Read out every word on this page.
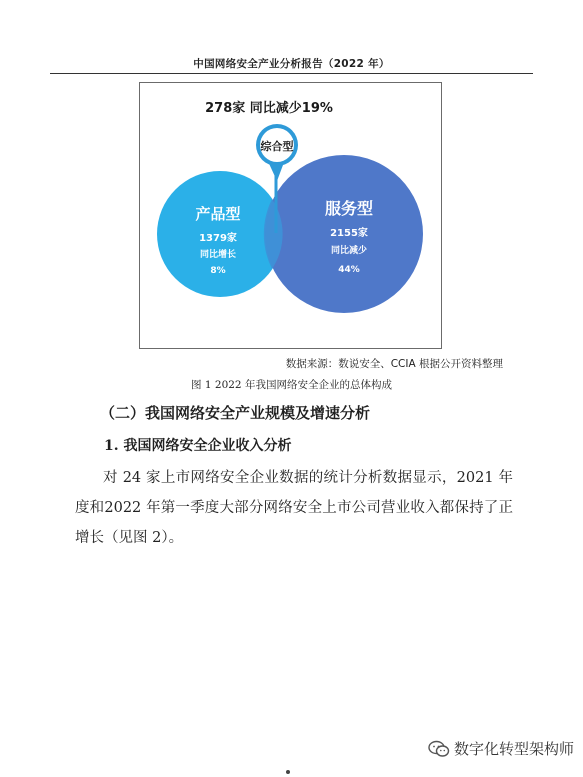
中国网络安全产业分析报告（2022 年）
278家 同比减少19%
综合型
产品型
1379家
同比增长
8%
服务型
2155家
同比减少
44%
数据来源：数说安全、CCIA 根据公开资料整理
图 1 2022 年我国网络安全企业的总体构成
（二）我国网络安全产业规模及增速分析
1. 我国网络安全企业收入分析
对 24 家上市网络安全企业数据的统计分析数据显示，2021 年度和2022 年第一季度大部分网络安全上市公司营业收入都保持了正增长（见图 2）。
数字化转型架构师
